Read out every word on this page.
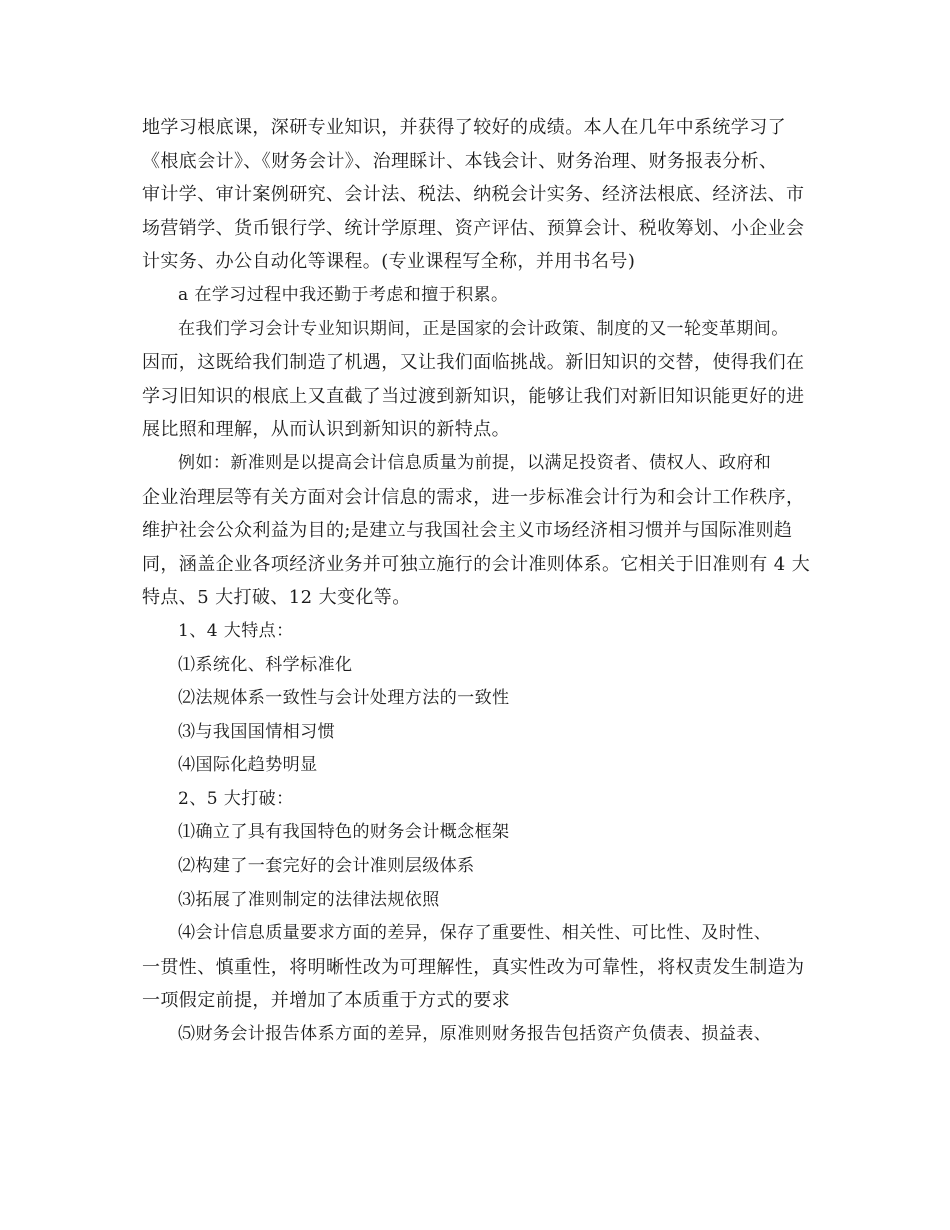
地学习根底课，深研专业知识，并获得了较好的成绩。本人在几年中系统学习了
《根底会计》、《财务会计》、治理睬计、本钱会计、财务治理、财务报表分析、
审计学、审计案例研究、会计法、税法、纳税会计实务、经济法根底、经济法、市
场营销学、货币银行学、统计学原理、资产评估、预算会计、税收筹划、小企业会
计实务、办公自动化等课程。(专业课程写全称，并用书名号)
a 在学习过程中我还勤于考虑和擅于积累。
在我们学习会计专业知识期间，正是国家的会计政策、制度的又一轮变革期间。
因而，这既给我们制造了机遇，又让我们面临挑战。新旧知识的交替，使得我们在
学习旧知识的根底上又直截了当过渡到新知识，能够让我们对新旧知识能更好的进
展比照和理解，从而认识到新知识的新特点。
例如：新准则是以提高会计信息质量为前提，以满足投资者、债权人、政府和
企业治理层等有关方面对会计信息的需求，进一步标准会计行为和会计工作秩序，
维护社会公众利益为目的;是建立与我国社会主义市场经济相习惯并与国际准则趋
同，涵盖企业各项经济业务并可独立施行的会计准则体系。它相关于旧准则有 4 大
特点、5 大打破、12 大变化等。
1、4 大特点：
⑴系统化、科学标准化
⑵法规体系一致性与会计处理方法的一致性
⑶与我国国情相习惯
⑷国际化趋势明显
2、5 大打破：
⑴确立了具有我国特色的财务会计概念框架
⑵构建了一套完好的会计准则层级体系
⑶拓展了准则制定的法律法规依照
⑷会计信息质量要求方面的差异，保存了重要性、相关性、可比性、及时性、
一贯性、慎重性，将明晰性改为可理解性，真实性改为可靠性，将权责发生制造为
一项假定前提，并增加了本质重于方式的要求
⑸财务会计报告体系方面的差异，原准则财务报告包括资产负债表、损益表、
